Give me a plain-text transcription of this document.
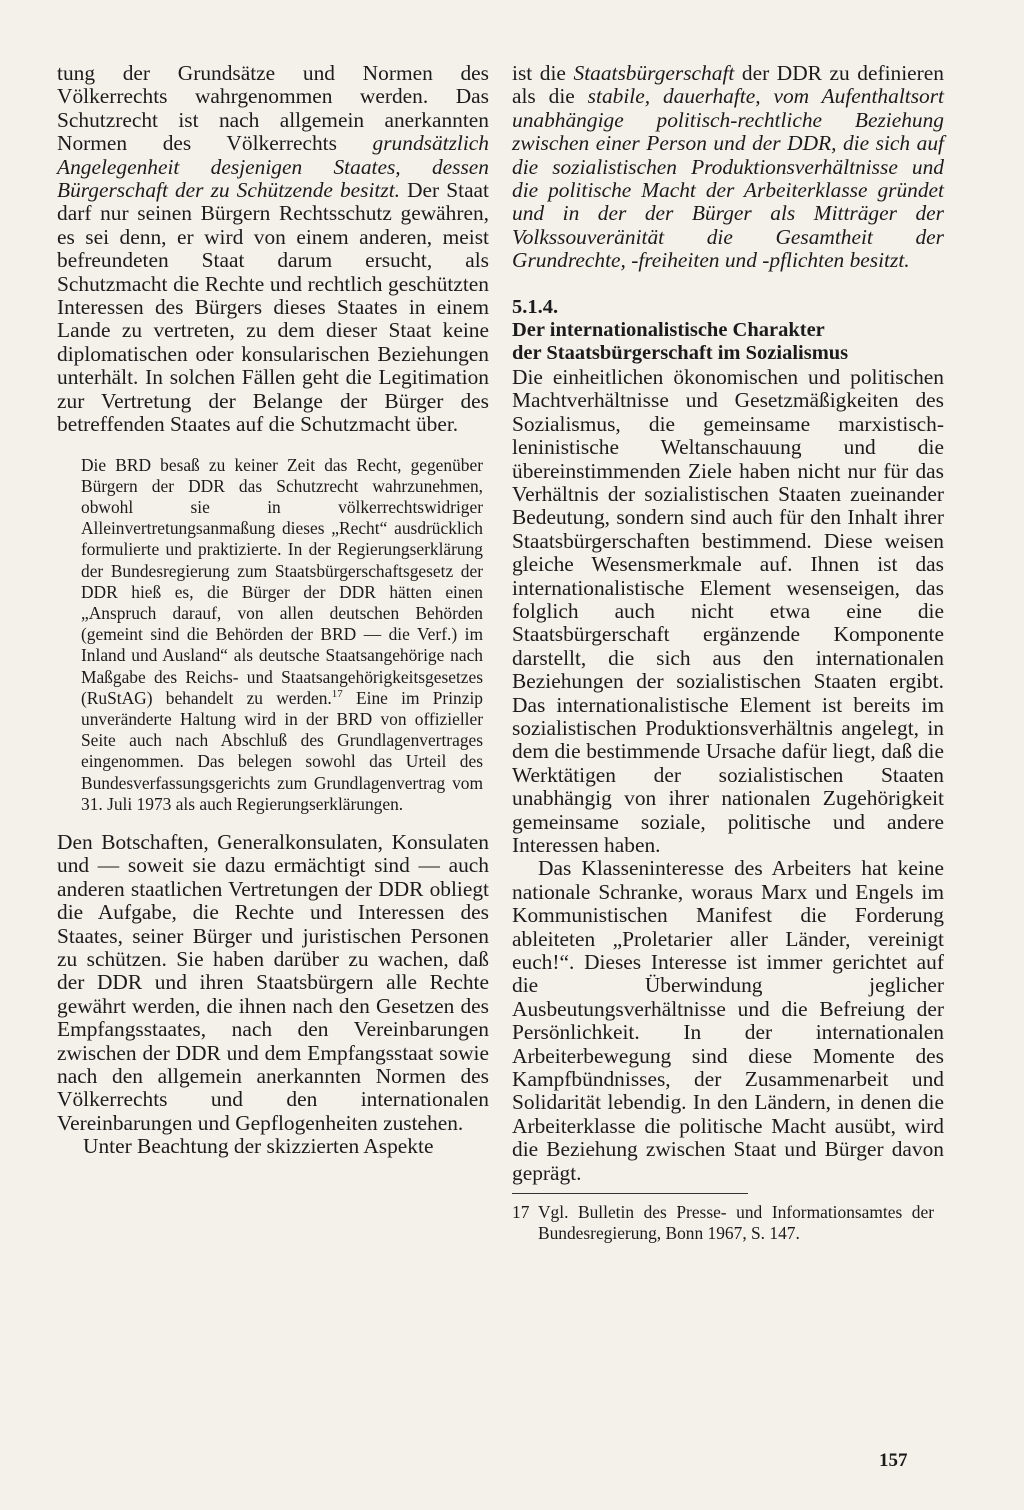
tung der Grundsätze und Normen des Völkerrechts wahrgenommen werden. Das Schutzrecht ist nach allgemein anerkannten Normen des Völkerrechts grundsätzlich Angelegenheit desjenigen Staates, dessen Bürgerschaft der zu Schützende besitzt. Der Staat darf nur seinen Bürgern Rechtsschutz gewähren, es sei denn, er wird von einem anderen, meist befreundeten Staat darum ersucht, als Schutzmacht die Rechte und rechtlich geschützten Interessen des Bürgers dieses Staates in einem Lande zu vertreten, zu dem dieser Staat keine diplomatischen oder konsularischen Beziehungen unterhält. In solchen Fällen geht die Legitimation zur Vertretung der Belange der Bürger des betreffenden Staates auf die Schutzmacht über.

Die BRD besaß zu keiner Zeit das Recht, gegenüber Bürgern der DDR das Schutzrecht wahrzunehmen, obwohl sie in völkerrechtswidriger Alleinvertretungsanmaßung dieses „Recht“ ausdrücklich formulierte und praktizierte. In der Regierungserklärung der Bundesregierung zum Staatsbürgerschaftsgesetz der DDR hieß es, die Bürger der DDR hätten einen „Anspruch darauf, von allen deutschen Behörden (gemeint sind die Behörden der BRD — die Verf.) im Inland und Ausland“ als deutsche Staatsangehörige nach Maßgabe des Reichs- und Staatsangehörigkeitsgesetzes (RuStAG) behandelt zu werden.$^{17}$ Eine im Prinzip unveränderte Haltung wird in der BRD von offizieller Seite auch nach Abschluß des Grundlagenvertrages eingenommen. Das belegen sowohl das Urteil des Bundesverfassungsgerichts zum Grundlagenvertrag vom 31. Juli 1973 als auch Regierungserklärungen.

Den Botschaften, Generalkonsulaten, Konsulaten und — soweit sie dazu ermächtigt sind — auch anderen staatlichen Vertretungen der DDR obliegt die Aufgabe, die Rechte und Interessen des Staates, seiner Bürger und juristischen Personen zu schützen. Sie haben darüber zu wachen, daß der DDR und ihren Staatsbürgern alle Rechte gewährt werden, die ihnen nach den Gesetzen des Empfangsstaates, nach den Vereinbarungen zwischen der DDR und dem Empfangsstaat sowie nach den allgemein anerkannten Normen des Völkerrechts und den internationalen Vereinbarungen und Gepflogenheiten zustehen.

Unter Beachtung der skizzierten Aspekte

ist die Staatsbürgerschaft der DDR zu definieren als die stabile, dauerhafte, vom Aufenthaltsort unabhängige politisch-rechtliche Beziehung zwischen einer Person und der DDR, die sich auf die sozialistischen Produktionsverhältnisse und die politische Macht der Arbeiterklasse gründet und in der der Bürger als Mitträger der Volkssouveränität die Gesamtheit der Grundrechte, -freiheiten und -pflichten besitzt.

5.1.4.
Der internationalistische Charakter
der Staatsbürgerschaft im Sozialismus

Die einheitlichen ökonomischen und politischen Machtverhältnisse und Gesetzmäßigkeiten des Sozialismus, die gemeinsame marxistisch-leninistische Weltanschauung und die übereinstimmenden Ziele haben nicht nur für das Verhältnis der sozialistischen Staaten zueinander Bedeutung, sondern sind auch für den Inhalt ihrer Staatsbürgerschaften bestimmend. Diese weisen gleiche Wesensmerkmale auf. Ihnen ist das internationalistische Element wesenseigen, das folglich auch nicht etwa eine die Staatsbürgerschaft ergänzende Komponente darstellt, die sich aus den internationalen Beziehungen der sozialistischen Staaten ergibt. Das internationalistische Element ist bereits im sozialistischen Produktionsverhältnis angelegt, in dem die bestimmende Ursache dafür liegt, daß die Werktätigen der sozialistischen Staaten unabhängig von ihrer nationalen Zugehörigkeit gemeinsame soziale, politische und andere Interessen haben.

Das Klasseninteresse des Arbeiters hat keine nationale Schranke, woraus Marx und Engels im Kommunistischen Manifest die Forderung ableiteten „Proletarier aller Länder, vereinigt euch!“. Dieses Interesse ist immer gerichtet auf die Überwindung jeglicher Ausbeutungsverhältnisse und die Befreiung der Persönlichkeit. In der internationalen Arbeiterbewegung sind diese Momente des Kampfbündnisses, der Zusammenarbeit und Solidarität lebendig. In den Ländern, in denen die Arbeiterklasse die politische Macht ausübt, wird die Beziehung zwischen Staat und Bürger davon geprägt.

17 Vgl. Bulletin des Presse- und Informationsamtes der Bundesregierung, Bonn 1967, S. 147.
157
